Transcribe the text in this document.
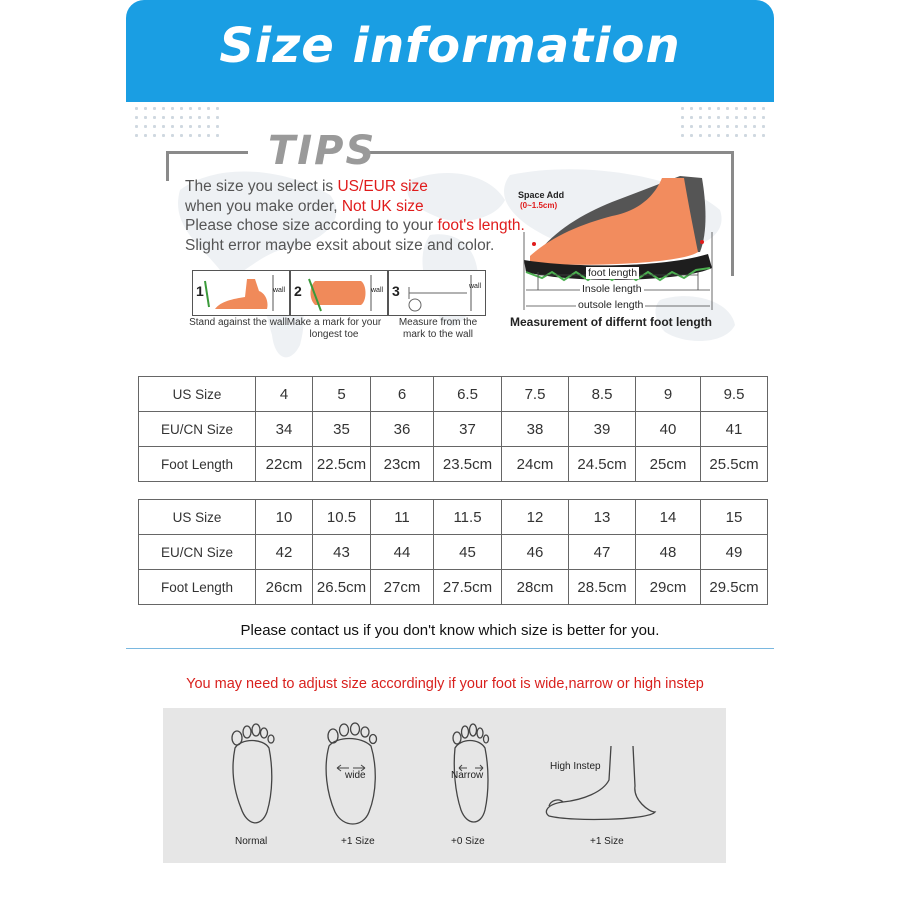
Size information
TIPS
The size you select is US/EUR size
when you make order, Not UK size
Please chose size according to your foot's length.
Slight error maybe exsit about size and color.
1	wall 2	wall 3	wall
Stand against the wall Make a mark for your longest toe
Measure from the mark to the wall
Space Add
(0~1.5cm)
foot length
Insole length
outsole length
Measurement of differnt foot length
US Size	4	5	6	6.5	7.5	8.5	9	9.5
EU/CN Size	34	35	36	37	38	39	40	41
Foot Length	22cm	22.5cm	23cm	23.5cm	24cm	24.5cm	25cm	25.5cm
US Size	10	10.5	11	11.5	12	13	14	15
EU/CN Size	42	43	44	45	46	47	48	49
Foot Length	26cm	26.5cm	27cm	27.5cm	28cm	28.5cm	29cm	29.5cm
Please contact us if you don't know which size is better for you.
You may need to adjust size accordingly if your foot is wide,narrow or high instep
wide	Narrow
High Instep
Normal	+1 Size	+0 Size	+1 Size
